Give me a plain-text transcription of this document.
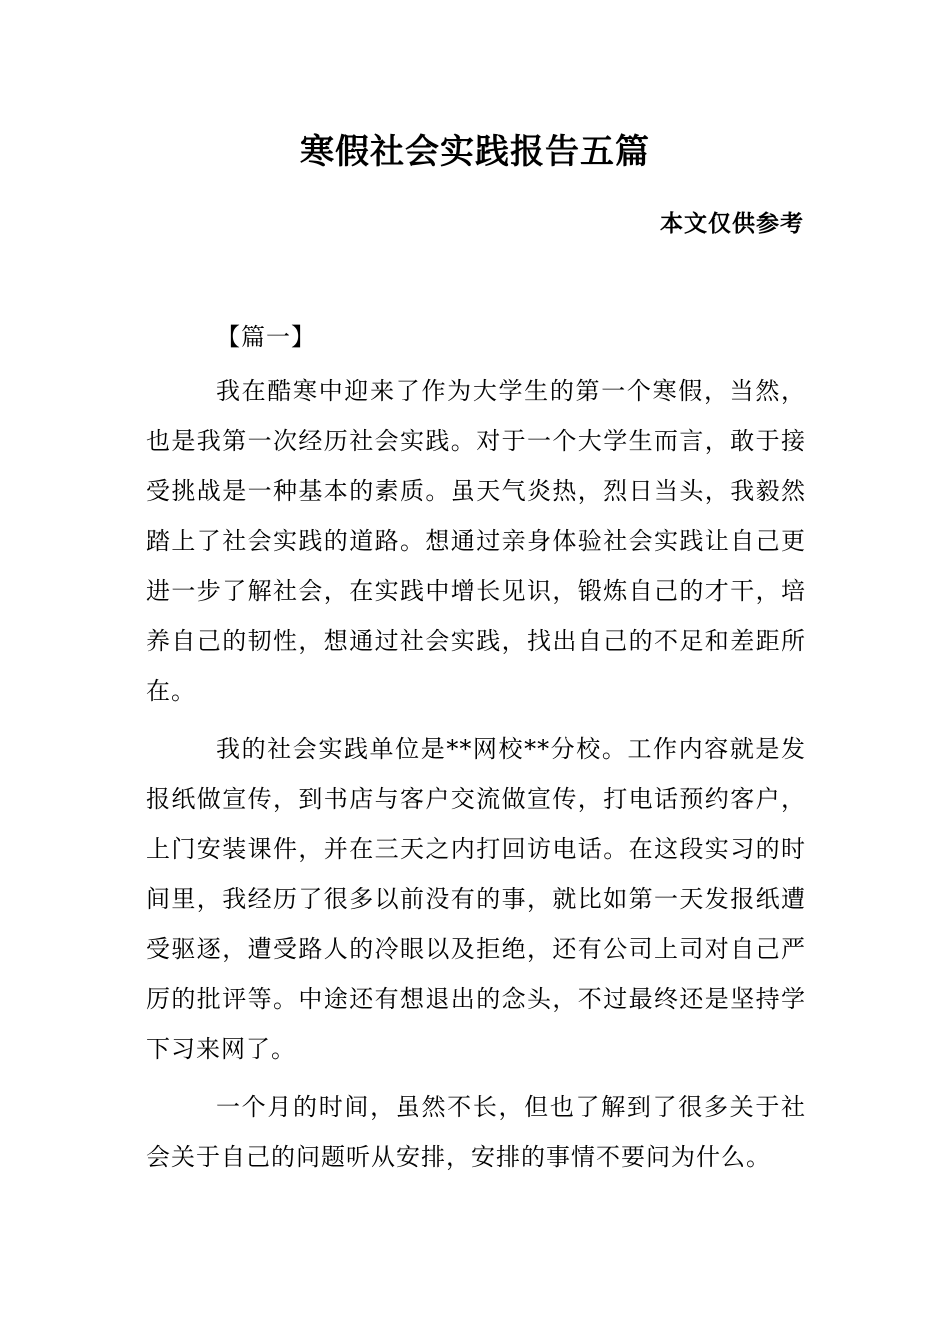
寒假社会实践报告五篇
本文仅供参考

【篇一】

我在酷寒中迎来了作为大学生的第一个寒假，当然，也是我第一次经历社会实践。对于一个大学生而言，敢于接受挑战是一种基本的素质。虽天气炎热，烈日当头，我毅然踏上了社会实践的道路。想通过亲身体验社会实践让自己更进一步了解社会，在实践中增长见识，锻炼自己的才干，培养自己的韧性，想通过社会实践，找出自己的不足和差距所在。

我的社会实践单位是**网校**分校。工作内容就是发报纸做宣传，到书店与客户交流做宣传，打电话预约客户，上门安装课件，并在三天之内打回访电话。在这段实习的时间里，我经历了很多以前没有的事，就比如第一天发报纸遭受驱逐，遭受路人的冷眼以及拒绝，还有公司上司对自己严厉的批评等。中途还有想退出的念头，不过最终还是坚持学下习来网了。

一个月的时间，虽然不长，但也了解到了很多关于社会关于自己的问题听从安排，安排的事情不要问为什么。
